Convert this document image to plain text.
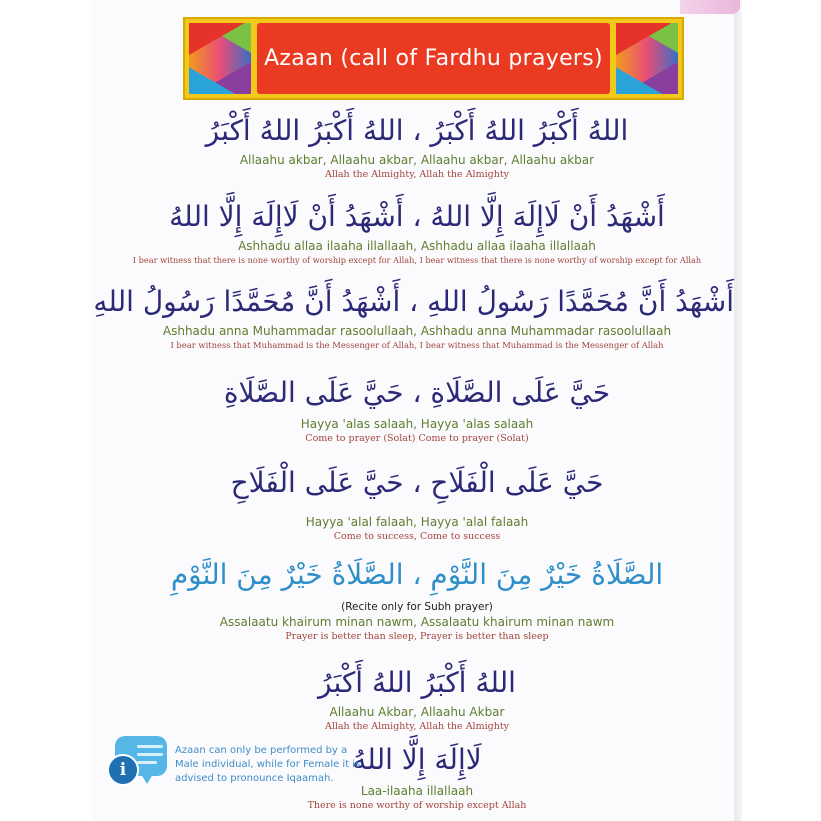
Azaan (call of Fardhu prayers)
اللهُ أَكْبَرُ اللهُ أَكْبَرُ ، اللهُ أَكْبَرُ اللهُ أَكْبَرُ
Allaahu akbar, Allaahu akbar, Allaahu akbar, Allaahu akbar
Allah the Almighty, Allah the Almighty
أَشْهَدُ أَنْ لَاإِلَهَ إِلَّا اللهُ ، أَشْهَدُ أَنْ لَاإِلَهَ إِلَّا اللهُ
Ashhadu allaa ilaaha illallaah, Ashhadu allaa ilaaha illallaah
I bear witness that there is none worthy of worship except for Allah, I bear witness that there is none worthy of worship except for Allah
أَشْهَدُ أَنَّ مُحَمَّدًا رَسُولُ اللهِ ، أَشْهَدُ أَنَّ مُحَمَّدًا رَسُولُ اللهِ
Ashhadu anna Muhammadar rasoolullaah, Ashhadu anna Muhammadar rasoolullaah
I bear witness that Muhammad is the Messenger of Allah, I bear witness that Muhammad is the Messenger of Allah
حَيَّ عَلَى الصَّلَاةِ ، حَيَّ عَلَى الصَّلَاةِ
Hayya 'alas salaah, Hayya 'alas salaah
Come to prayer (Solat) Come to prayer (Solat)
حَيَّ عَلَى الْفَلَاحِ ، حَيَّ عَلَى الْفَلَاحِ
Hayya 'alal falaah, Hayya 'alal falaah
Come to success, Come to success
الصَّلَاةُ خَيْرٌ مِنَ النَّوْمِ ، الصَّلَاةُ خَيْرٌ مِنَ النَّوْمِ
(Recite only for Subh prayer)
Assalaatu khairum minan nawm, Assalaatu khairum minan nawm
Prayer is better than sleep, Prayer is better than sleep
اللهُ أَكْبَرُ اللهُ أَكْبَرُ
Allaahu Akbar, Allaahu Akbar
Allah the Almighty, Allah the Almighty
لَاإِلَهَ إِلَّا اللهُ
Laa-ilaaha illallaah
There is none worthy of worship except Allah
i
Azaan can only be performed by a
Male individual, while for Female it is
advised to pronounce Iqaamah.
